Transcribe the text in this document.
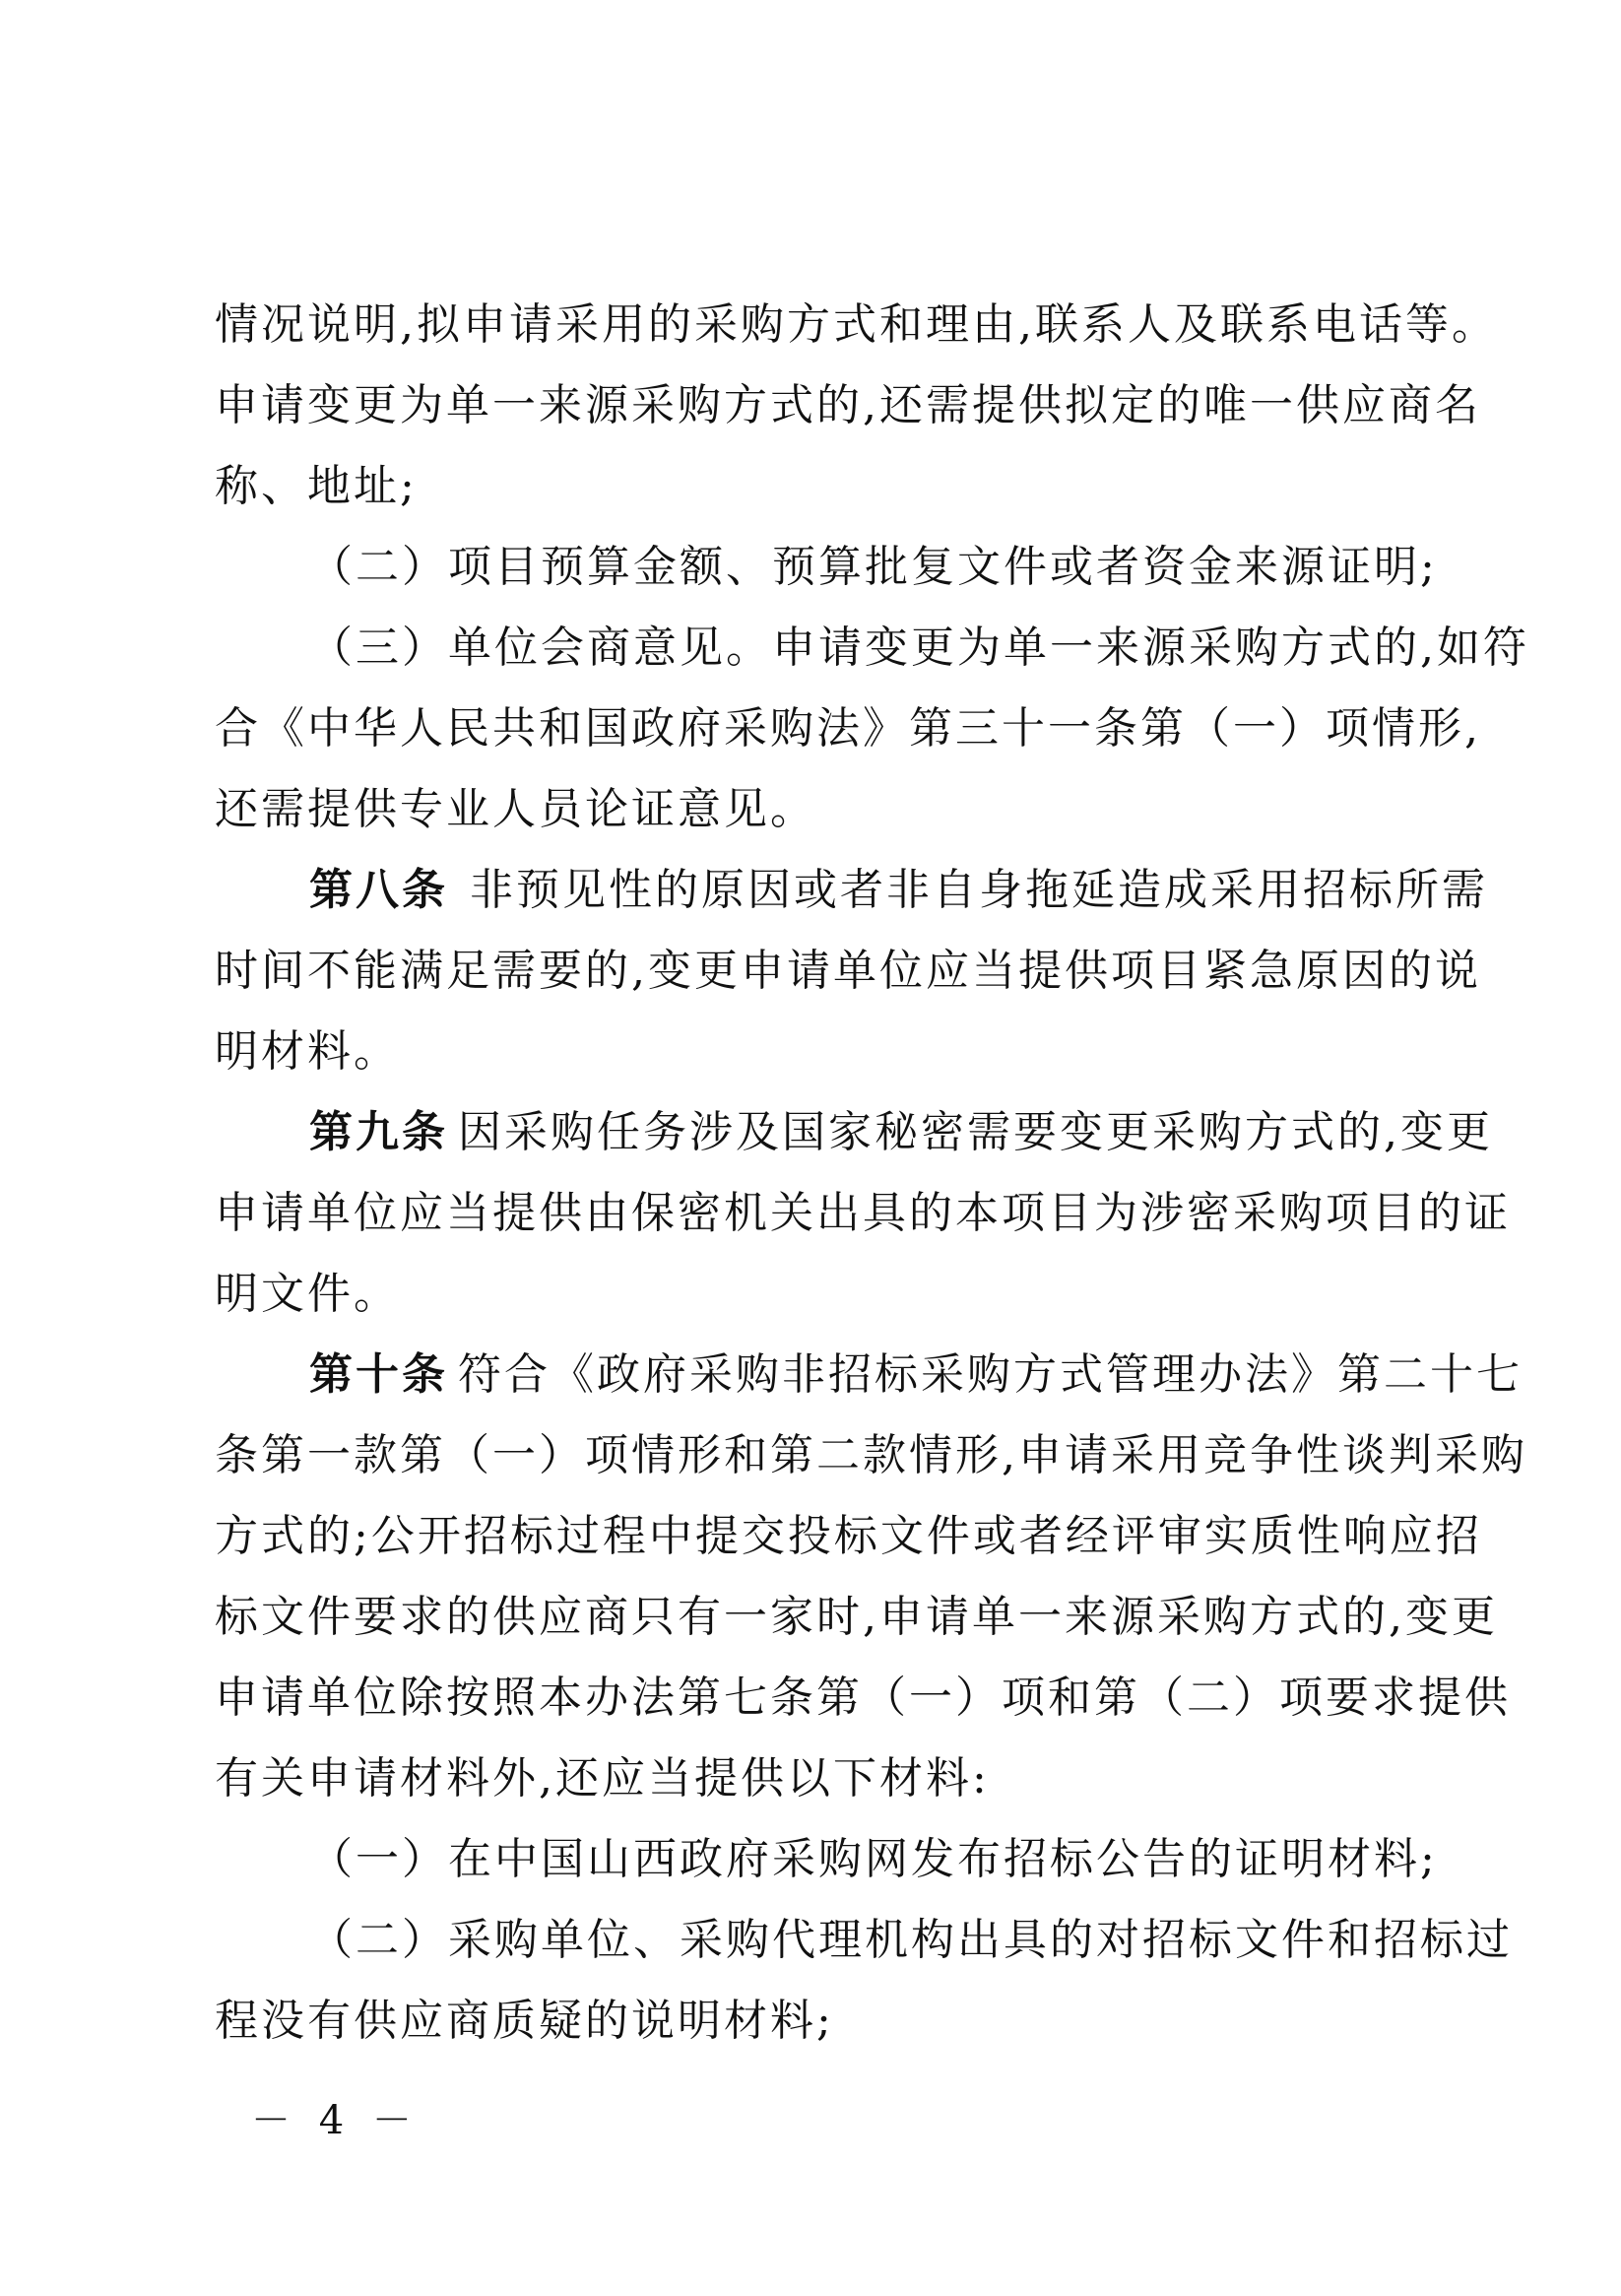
情况说明,拟申请采用的采购方式和理由,联系人及联系电话等。
申请变更为单一来源采购方式的,还需提供拟定的唯一供应商名
称、地址;
（二）项目预算金额、预算批复文件或者资金来源证明;
（三）单位会商意见。申请变更为单一来源采购方式的,如符
合《中华人民共和国政府采购法》第三十一条第（一）项情形,
还需提供专业人员论证意见。
第八条 非预见性的原因或者非自身拖延造成采用招标所需
时间不能满足需要的,变更申请单位应当提供项目紧急原因的说
明材料。
第九条 因采购任务涉及国家秘密需要变更采购方式的,变更
申请单位应当提供由保密机关出具的本项目为涉密采购项目的证
明文件。
第十条 符合《政府采购非招标采购方式管理办法》第二十七
条第一款第（一）项情形和第二款情形,申请采用竞争性谈判采购
方式的;公开招标过程中提交投标文件或者经评审实质性响应招
标文件要求的供应商只有一家时,申请单一来源采购方式的,变更
申请单位除按照本办法第七条第（一）项和第（二）项要求提供
有关申请材料外,还应当提供以下材料:
（一）在中国山西政府采购网发布招标公告的证明材料;
（二）采购单位、采购代理机构出具的对招标文件和招标过
程没有供应商质疑的说明材料;
－ 4 －
